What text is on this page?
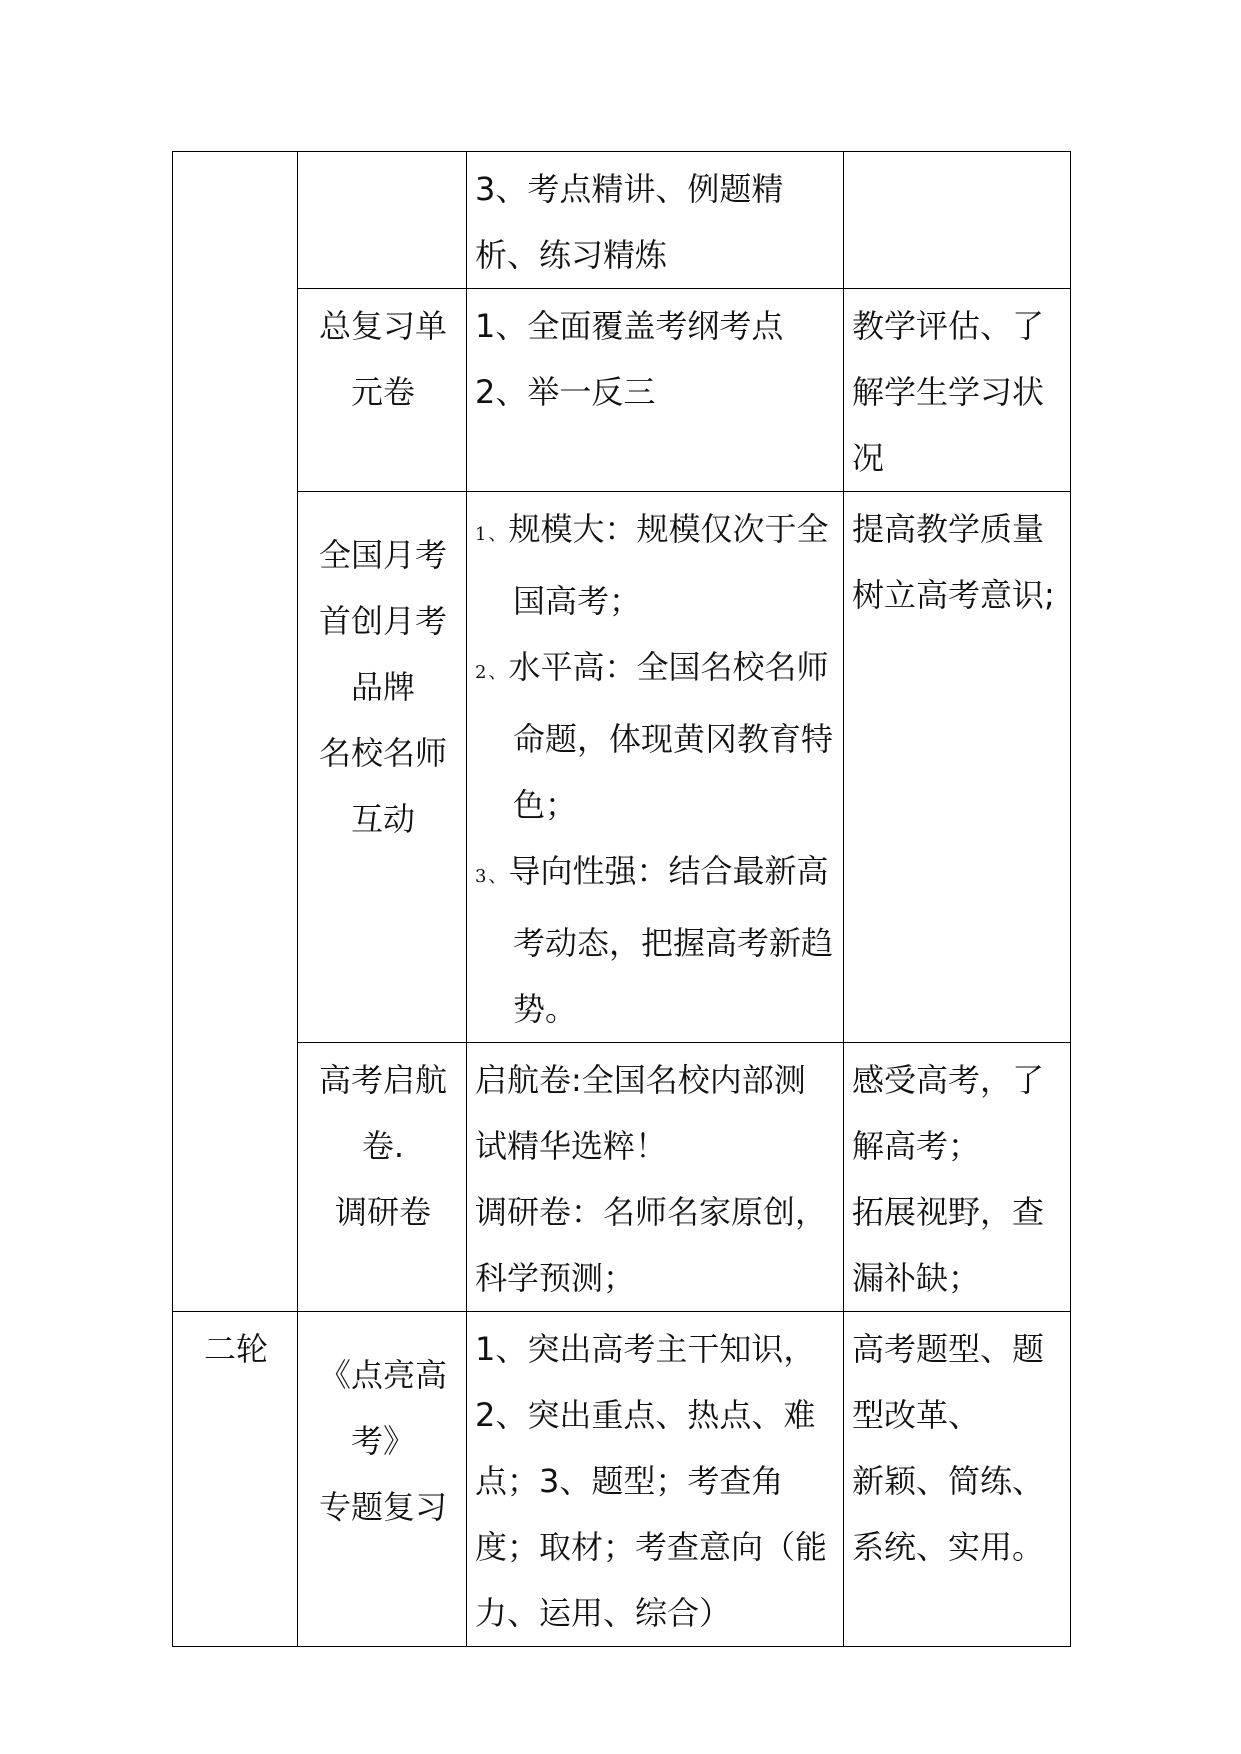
		3、考点精讲、例题精析、练习精炼	

	总复习单元卷	1、全面覆盖考纲考点
2、举一反三	教学评估、了解学生学习状况

	全国月考
首创月考品牌
名校名师互动	1、规模大：规模仅次于全国高考；
2、水平高：全国名校名师命题，体现黄冈教育特色；
3、导向性强：结合最新高考动态，把握高考新趋势。	提高教学质量
树立高考意识;

	高考启航卷.
调研卷	启航卷:全国名校内部测试精华选粹！
调研卷：名师名家原创，科学预测；	感受高考，了解高考；
拓展视野，查漏补缺；

二轮	《点亮高考》
专题复习	1、突出高考主干知识，2、突出重点、热点、难点；3、题型；考查角度；取材；考查意向（能力、运用、综合）	高考题型、题型改革、
新颖、简练、系统、实用。
